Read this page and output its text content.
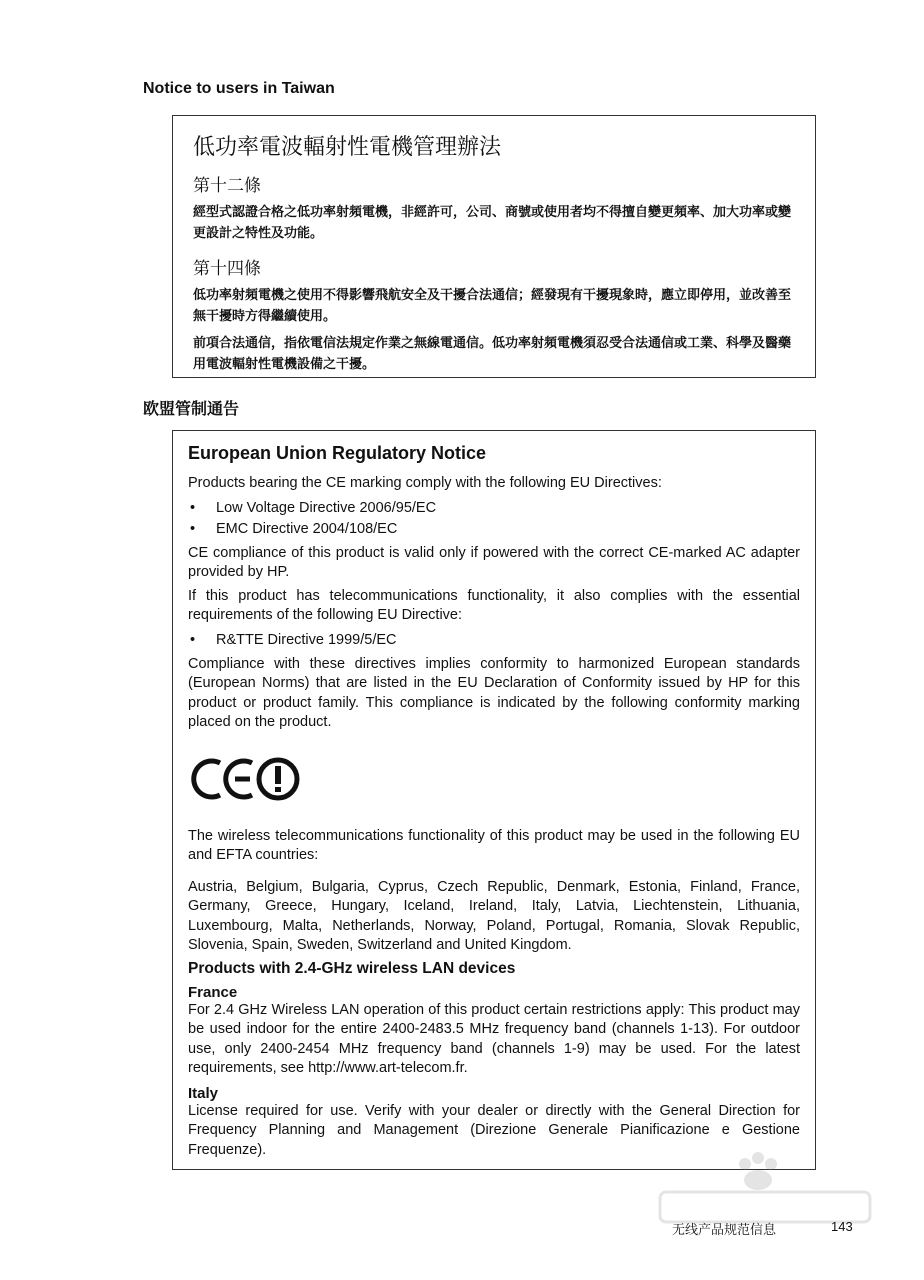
Notice to users in Taiwan
低功率電波輻射性電機管理辦法
第十二條

經型式認證合格之低功率射頻電機，非經許可，公司、商號或使用者均不得擅自變更頻率、加大功率或變更設計之特性及功能。

第十四條

低功率射頻電機之使用不得影響飛航安全及干擾合法通信；經發現有干擾現象時，應立即停用，並改善至無干擾時方得繼續使用。

前項合法通信，指依電信法規定作業之無線電通信。低功率射頻電機須忍受合法通信或工業、科學及醫藥用電波輻射性電機設備之干擾。

欧盟管制通告
European Union Regulatory Notice

Products bearing the CE marking comply with the following EU Directives:

• Low Voltage Directive 2006/95/EC
• EMC Directive 2004/108/EC

CE compliance of this product is valid only if powered with the correct CE-marked AC adapter provided by HP.

If this product has telecommunications functionality, it also complies with the essential requirements of the following EU Directive:

• R&TTE Directive 1999/5/EC

Compliance with these directives implies conformity to harmonized European standards (European Norms) that are listed in the EU Declaration of Conformity issued by HP for this product or product family. This compliance is indicated by the following conformity marking placed on the product.

The wireless telecommunications functionality of this product may be used in the following EU and EFTA countries:

Austria, Belgium, Bulgaria, Cyprus, Czech Republic, Denmark, Estonia, Finland, France, Germany, Greece, Hungary, Iceland, Ireland, Italy, Latvia, Liechtenstein, Lithuania, Luxembourg, Malta, Netherlands, Norway, Poland, Portugal, Romania, Slovak Republic, Slovenia, Spain, Sweden, Switzerland and United Kingdom.

Products with 2.4-GHz wireless LAN devices
France

For 2.4 GHz Wireless LAN operation of this product certain restrictions apply: This product may be used indoor for the entire 2400-2483.5 MHz frequency band (channels 1-13). For outdoor use, only 2400-2454 MHz frequency band (channels 1-9) may be used. For the latest requirements, see http://www.art-telecom.fr.

Italy

License required for use. Verify with your dealer or directly with the General Direction for Frequency Planning and Management (Direzione Generale Pianificazione e Gestione Frequenze).

无线产品规范信息	143
